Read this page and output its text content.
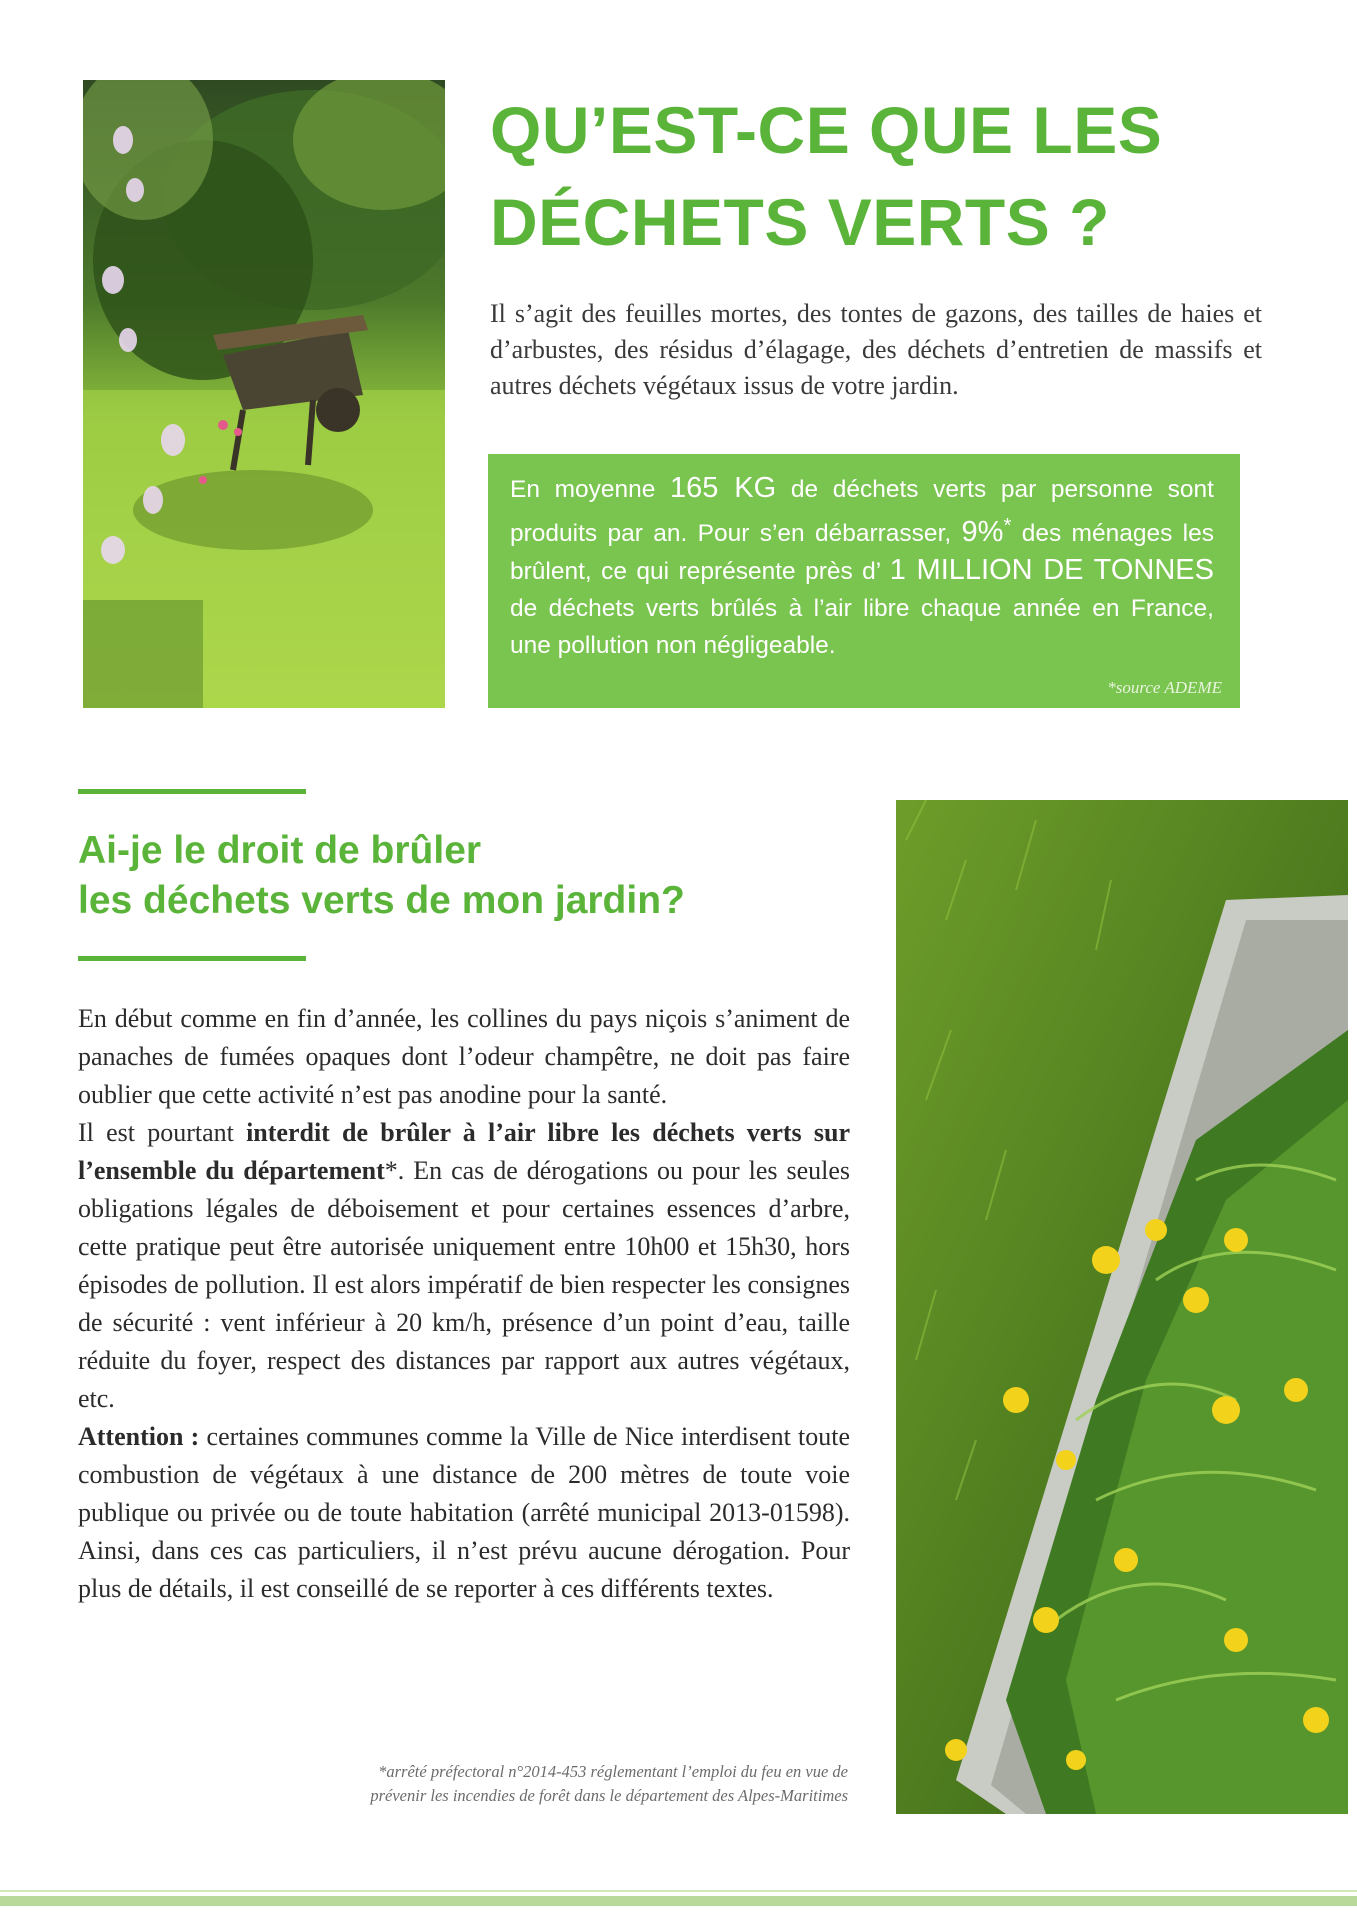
QU’EST-CE QUE LES
DÉCHETS VERTS ?

Il s’agit des feuilles mortes, des tontes de gazons, des tailles de haies et d’arbustes, des résidus d’élagage, des déchets d’entretien de massifs et autres déchets végétaux issus de votre jardin.

En moyenne 165 KG de déchets verts par personne sont produits par an. Pour s’en débarrasser, 9%* des ménages les brûlent, ce qui représente près d’ 1 MILLION DE TONNES de déchets verts brûlés à l’air libre chaque année en France, une pollution non négligeable.

*source ADEME
Ai-je le droit de brûler
les déchets verts de mon jardin?

En début comme en fin d’année, les collines du pays niçois s’animent de panaches de fumées opaques dont l’odeur champêtre, ne doit pas faire oublier que cette activité n’est pas anodine pour la santé.

Il est pourtant interdit de brûler à l’air libre les déchets verts sur l’ensemble du département*. En cas de dérogations ou pour les seules obligations légales de déboisement et pour certaines essences d’arbre, cette pratique peut être autorisée uniquement entre 10h00 et 15h30, hors épisodes de pollution. Il est alors impératif de bien respecter les consignes de sécurité : vent inférieur à 20 km/h, présence d’un point d’eau, taille réduite du foyer, respect des distances par rapport aux autres végétaux, etc.

Attention : certaines communes comme la Ville de Nice interdisent toute combustion de végétaux à une distance de 200 mètres de toute voie publique ou privée ou de toute habitation (arrêté municipal 2013-01598). Ainsi, dans ces cas particuliers, il n’est prévu aucune dérogation. Pour plus de détails, il est conseillé de se reporter à ces différents textes.

*arrêté préfectoral n°2014-453 réglementant l’emploi du feu en vue de
prévenir les incendies de forêt dans le département des Alpes-Maritimes
